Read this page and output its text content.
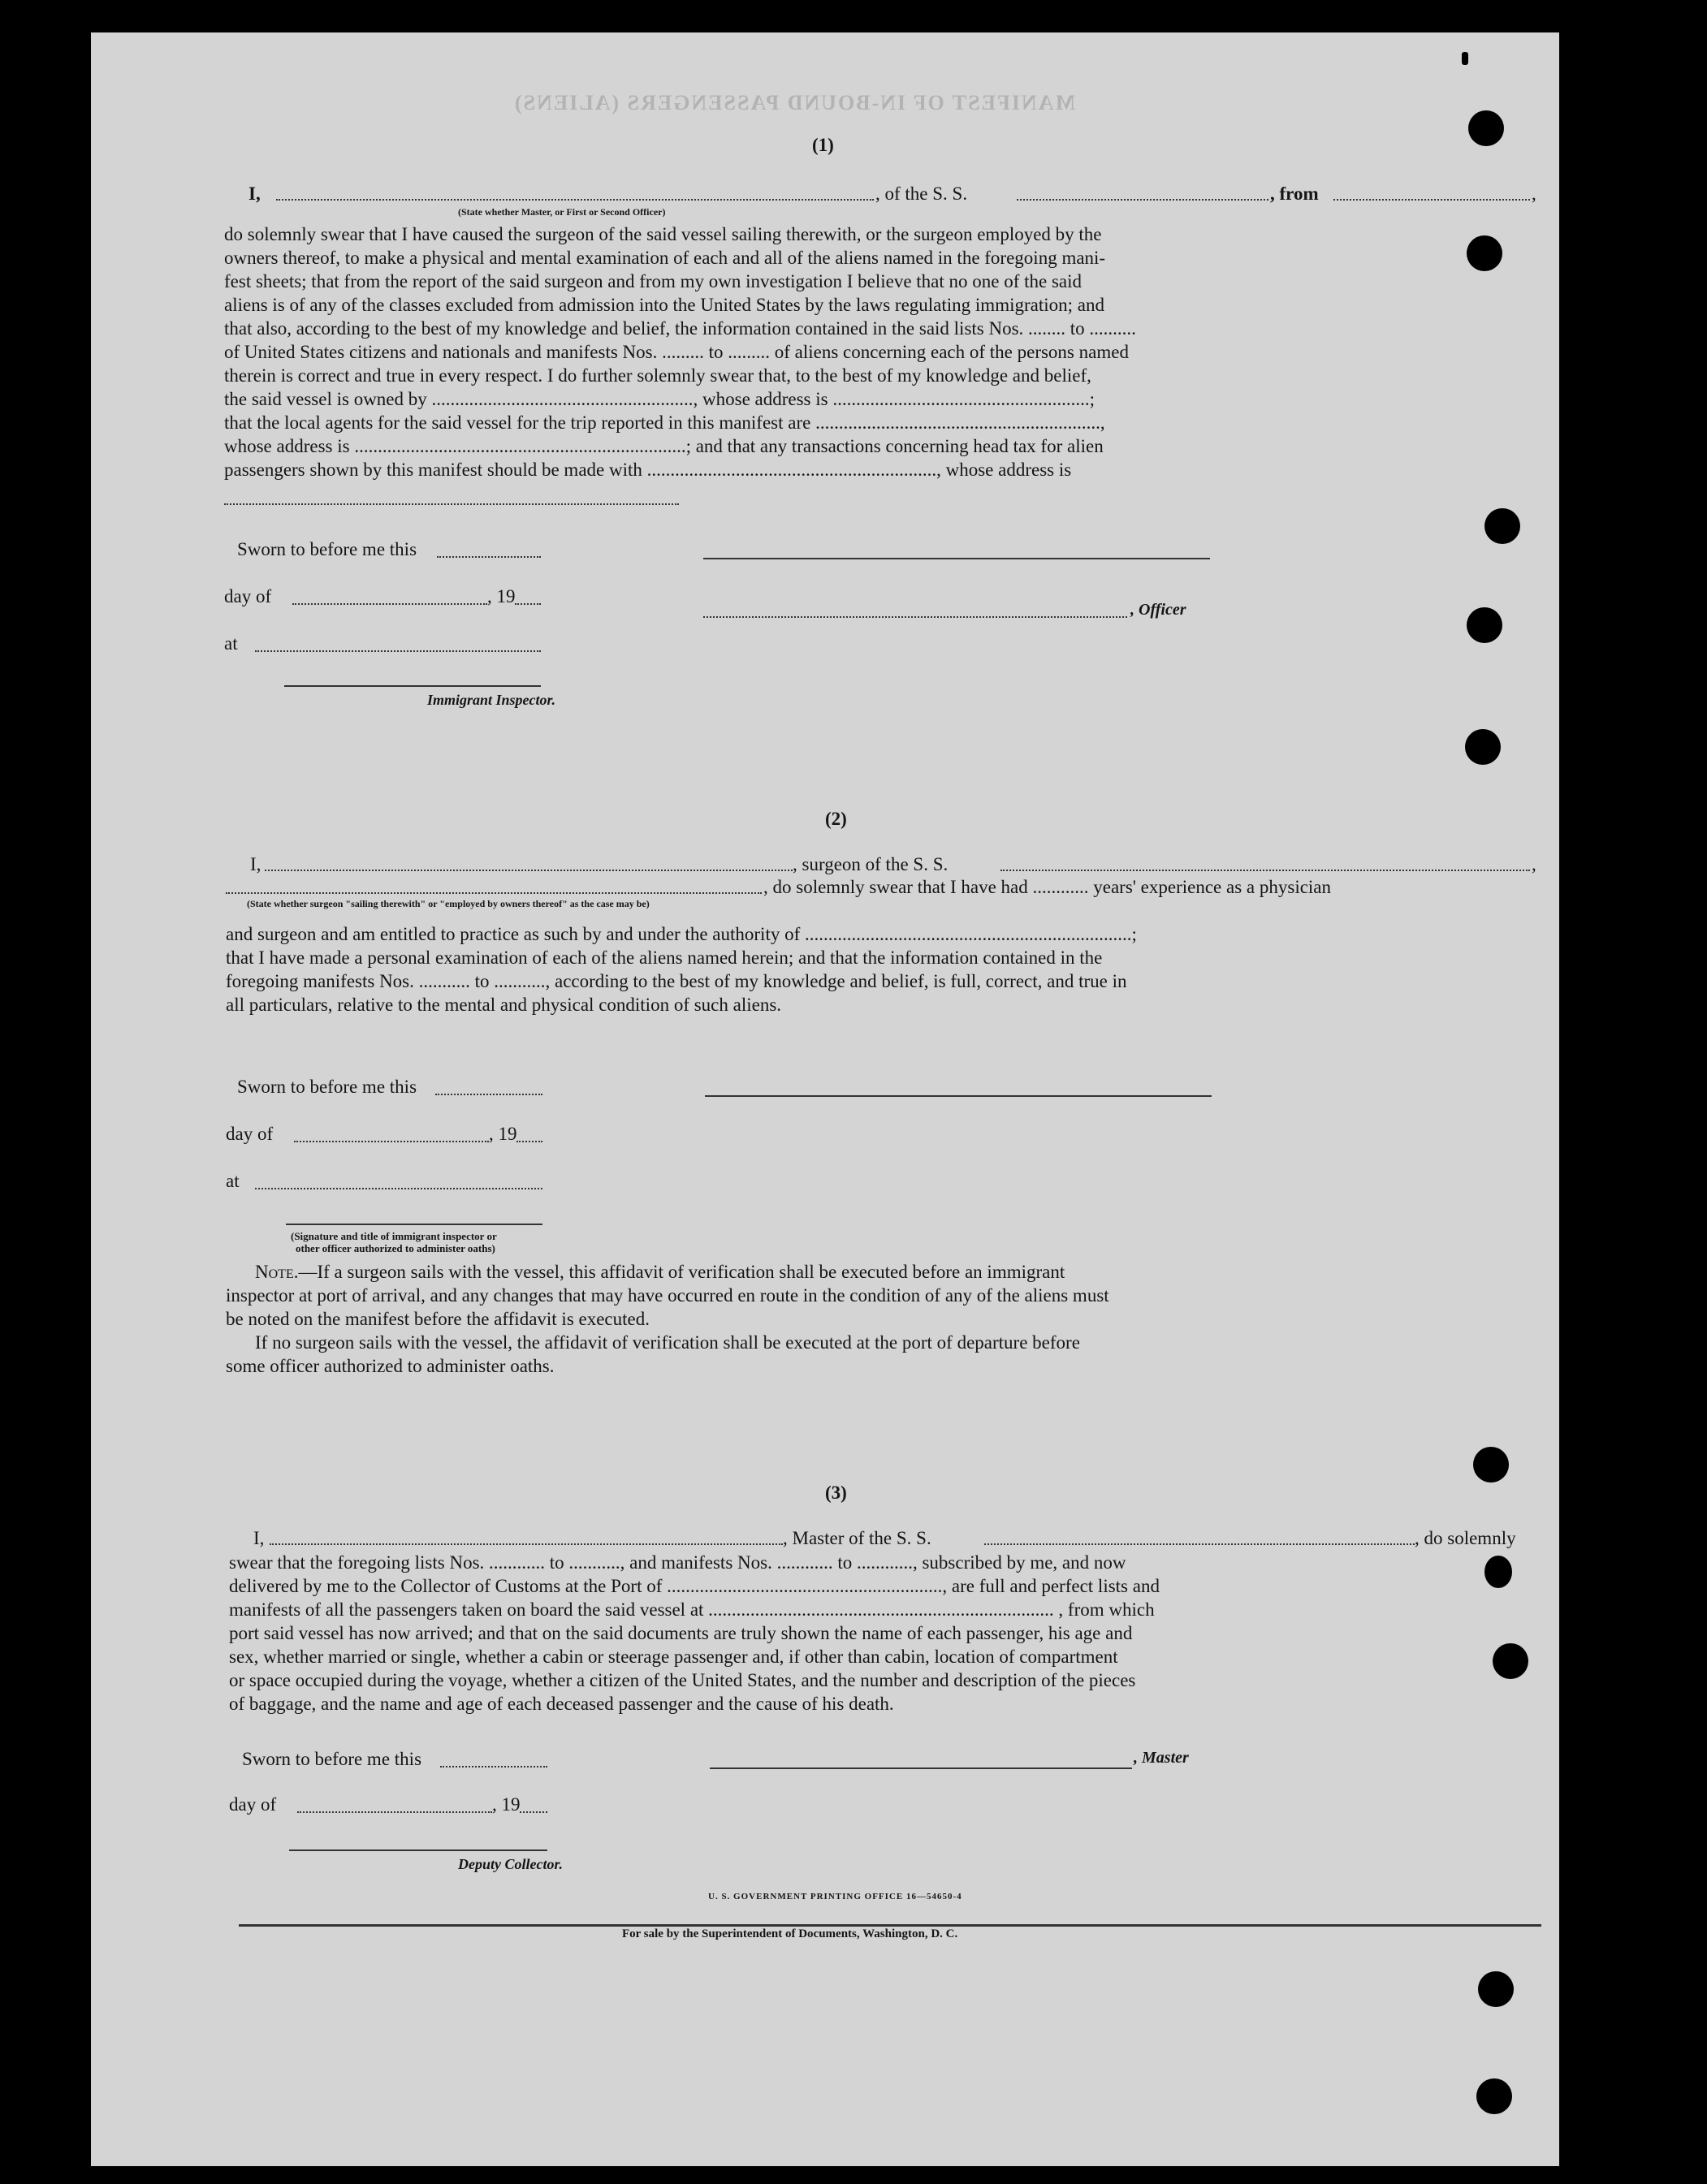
MANIFEST OF IN-BOUND PASSENGERS (ALIENS)
(1)
I,	, of the S. S.	, from	,
(State whether Master, or First or Second Officer)
do solemnly swear that I have caused the surgeon of the said vessel sailing therewith, or the surgeon employed by the
owners thereof, to make a physical and mental examination of each and all of the aliens named in the foregoing mani-
fest sheets; that from the report of the said surgeon and from my own investigation I believe that no one of the said
aliens is of any of the classes excluded from admission into the United States by the laws regulating immigration; and
that also, according to the best of my knowledge and belief, the information contained in the said lists Nos. ........ to ..........
of United States citizens and nationals and manifests Nos. ......... to ......... of aliens concerning each of the persons named
therein is correct and true in every respect. I do further solemnly swear that, to the best of my knowledge and belief,
the said vessel is owned by ........................................................, whose address is .......................................................;
that the local agents for the said vessel for the trip reported in this manifest are .............................................................,
whose address is .......................................................................; and that any transactions concerning head tax for alien
passengers shown by this manifest should be made with .............................................................., whose address is
Sworn to before me this
day of	, 19
, Officer
at
Immigrant Inspector.
(2)
I,	, surgeon of the S. S.	,
, do solemnly swear that I have had ............ years' experience as a physician
(State whether surgeon "sailing therewith" or "employed by owners thereof" as the case may be)
and surgeon and am entitled to practice as such by and under the authority of ......................................................................;
that I have made a personal examination of each of the aliens named herein; and that the information contained in the
foregoing manifests Nos. ........... to ..........., according to the best of my knowledge and belief, is full, correct, and true in
all particulars, relative to the mental and physical condition of such aliens.
Sworn to before me this
day of	, 19
at
(Signature and title of immigrant inspector or
other officer authorized to administer oaths)
Note.—If a surgeon sails with the vessel, this affidavit of verification shall be executed before an immigrant
inspector at port of arrival, and any changes that may have occurred en route in the condition of any of the aliens must
be noted on the manifest before the affidavit is executed.
If no surgeon sails with the vessel, the affidavit of verification shall be executed at the port of departure before
some officer authorized to administer oaths.
(3)
I,	, Master of the S. S.	, do solemnly
swear that the foregoing lists Nos. ............ to ..........., and manifests Nos. ............ to ............, subscribed by me, and now
delivered by me to the Collector of Customs at the Port of ..........................................................., are full and perfect lists and
manifests of all the passengers taken on board the said vessel at .......................................................................... , from which
port said vessel has now arrived; and that on the said documents are truly shown the name of each passenger, his age and
sex, whether married or single, whether a cabin or steerage passenger and, if other than cabin, location of compartment
or space occupied during the voyage, whether a citizen of the United States, and the number and description of the pieces
of baggage, and the name and age of each deceased passenger and the cause of his death.
Sworn to before me this	, Master
day of	, 19
Deputy Collector.
U. S. GOVERNMENT PRINTING OFFICE 16—54650-4
For sale by the Superintendent of Documents, Washington, D. C.
